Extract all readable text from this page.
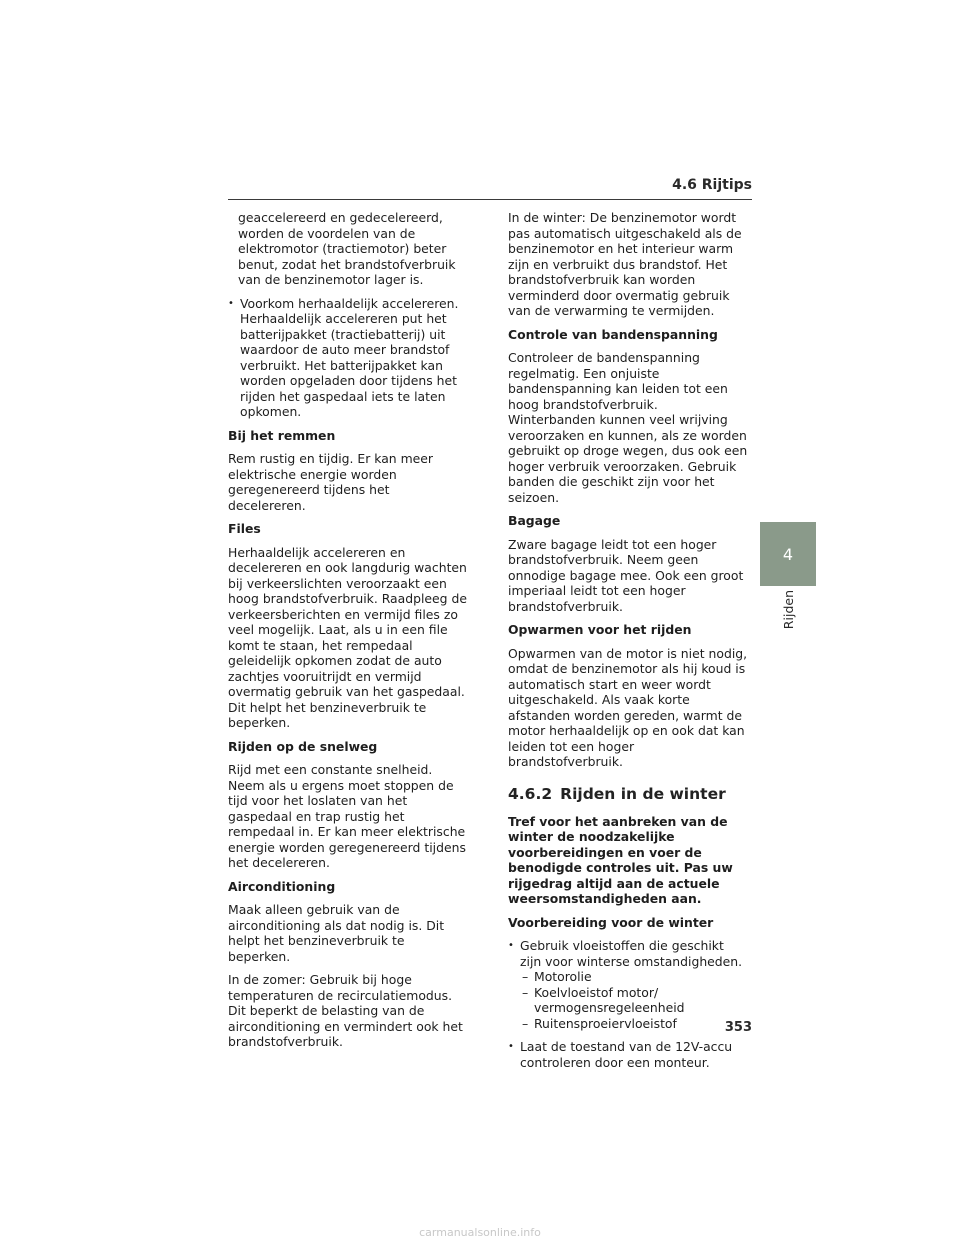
4.6 Rijtips

geaccelereerd en gedecelereerd, worden de voordelen van de elektromotor (tractiemotor) beter benut, zodat het brandstofverbruik van de benzinemotor lager is.

• Voorkom herhaaldelijk accelereren. Herhaaldelijk accelereren put het batterijpakket (tractiebatterij) uit waardoor de auto meer brandstof verbruikt. Het batterijpakket kan worden opgeladen door tijdens het rijden het gaspedaal iets te laten opkomen.

Bij het remmen

Rem rustig en tijdig. Er kan meer elektrische energie worden geregenereerd tijdens het decelereren.

Files

Herhaaldelijk accelereren en decelereren en ook langdurig wachten bij verkeerslichten veroorzaakt een hoog brandstofverbruik. Raadpleeg de verkeersberichten en vermijd files zo veel mogelijk. Laat, als u in een file komt te staan, het rempedaal geleidelijk opkomen zodat de auto zachtjes vooruitrijdt en vermijd overmatig gebruik van het gaspedaal. Dit helpt het benzineverbruik te beperken.

Rijden op de snelweg

Rijd met een constante snelheid. Neem als u ergens moet stoppen de tijd voor het loslaten van het gaspedaal en trap rustig het rempedaal in. Er kan meer elektrische energie worden geregenereerd tijdens het decelereren.

Airconditioning

Maak alleen gebruik van de airconditioning als dat nodig is. Dit helpt het benzineverbruik te beperken.

In de zomer: Gebruik bij hoge temperaturen de recirculatiemodus. Dit beperkt de belasting van de airconditioning en vermindert ook het brandstofverbruik.

In de winter: De benzinemotor wordt pas automatisch uitgeschakeld als de benzinemotor en het interieur warm zijn en verbruikt dus brandstof. Het brandstofverbruik kan worden verminderd door overmatig gebruik van de verwarming te vermijden.

Controle van bandenspanning

Controleer de bandenspanning regelmatig. Een onjuiste bandenspanning kan leiden tot een hoog brandstofverbruik. Winterbanden kunnen veel wrijving veroorzaken en kunnen, als ze worden gebruikt op droge wegen, dus ook een hoger verbruik veroorzaken. Gebruik banden die geschikt zijn voor het seizoen.

Bagage

Zware bagage leidt tot een hoger brandstofverbruik. Neem geen onnodige bagage mee. Ook een groot imperiaal leidt tot een hoger brandstofverbruik.

Opwarmen voor het rijden

Opwarmen van de motor is niet nodig, omdat de benzinemotor als hij koud is automatisch start en weer wordt uitgeschakeld. Als vaak korte afstanden worden gereden, warmt de motor herhaaldelijk op en ook dat kan leiden tot een hoger brandstofverbruik.

4.6.2 Rijden in de winter

Tref voor het aanbreken van de winter de noodzakelijke voorbereidingen en voer de benodigde controles uit. Pas uw rijgedrag altijd aan de actuele weersomstandigheden aan.

Voorbereiding voor de winter

• Gebruik vloeistoffen die geschikt zijn voor winterse omstandigheden.

– Motorolie

– Koelvloeistof motor/ vermogensregeleenheid

– Ruitensproeiervloeistof

• Laat de toestand van de 12V-accu controleren door een monteur.

4
Rijden
353
carmanualsonline.info
